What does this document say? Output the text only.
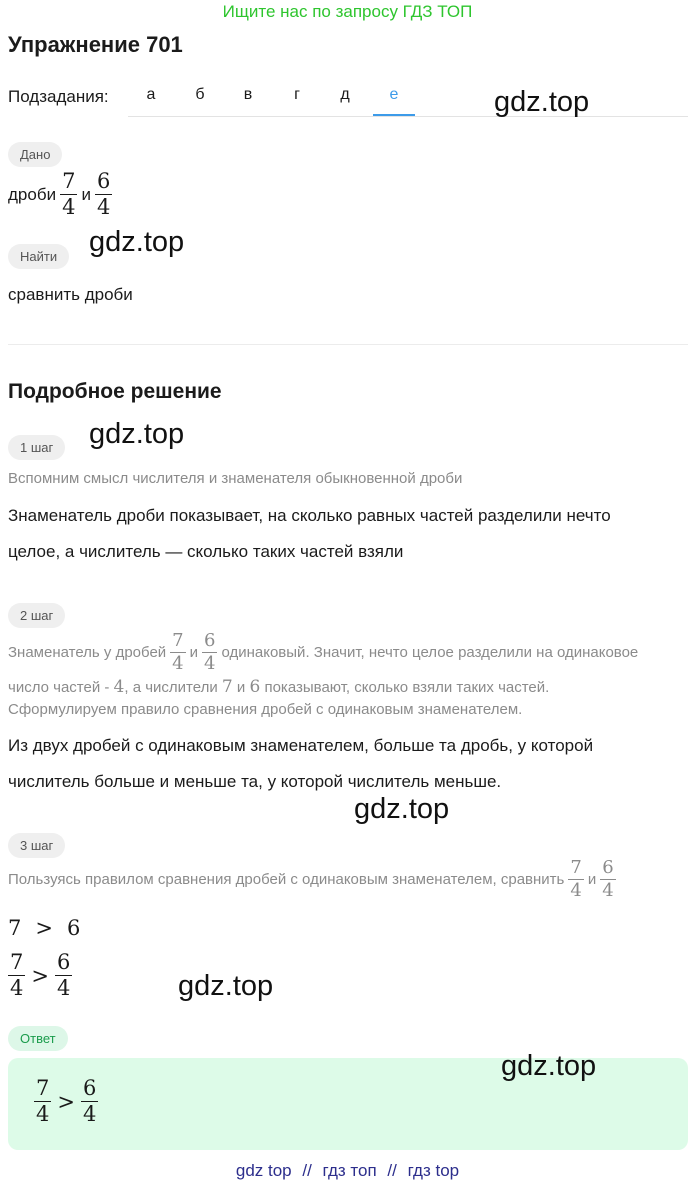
Ищите нас по запросу ГДЗ ТОП
Упражнение 701
Подзадания:	а	б	в	г	д	е	gdz.top
Дано
дроби $\frac{7}{4}$ и $\frac{6}{4}$
Найти	gdz.top
сравнить дроби
Подробное решение
1 шаг	gdz.top
Вспомним смысл числителя и знаменателя обыкновенной дроби
Знаменатель дроби показывает, на сколько равных частей разделили нечто
целое, а числитель — сколько таких частей взяли
2 шаг
Знаменатель у дробей $\frac{7}{4}$ и $\frac{6}{4}$ одинаковый. Значит, нечто целое разделили на одинаковое
число частей - 4, а числители 7 и 6 показывают, сколько взяли таких частей.
Сформулируем правило сравнения дробей с одинаковым знаменателем.
Из двух дробей с одинаковым знаменателем, больше та дробь, у которой
числитель больше и меньше та, у которой числитель меньше.
gdz.top
3 шаг
Пользуясь правилом сравнения дробей с одинаковым знаменателем, сравнить $\frac{7}{4}$ и $\frac{6}{4}$
7 > 6
$\frac{7}{4} > \frac{6}{4}$	gdz.top
Ответ
$\frac{7}{4} > \frac{6}{4}$
gdz.top
gdz top // гдз топ // гдз top
